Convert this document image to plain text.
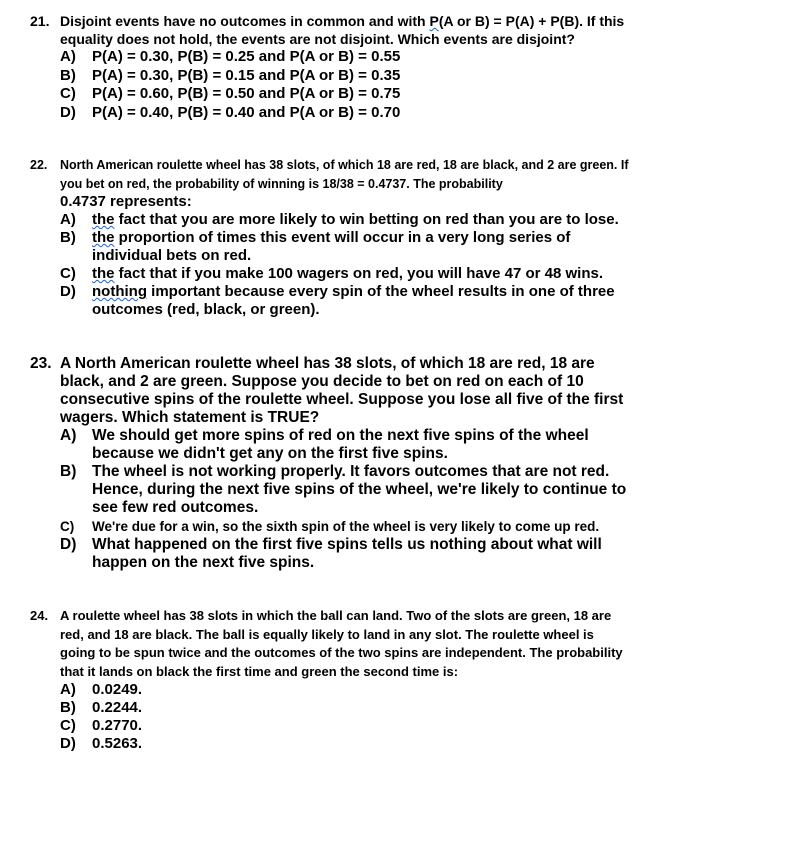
21. Disjoint events have no outcomes in common and with P(A or B) = P(A) + P(B). If this equality does not hold, the events are not disjoint. Which events are disjoint?
A)	P(A) = 0.30, P(B) = 0.25 and P(A or B) = 0.55
B)	P(A) = 0.30, P(B) = 0.15 and P(A or B) = 0.35
C)	P(A) = 0.60, P(B) = 0.50 and P(A or B) = 0.75
D)	P(A) = 0.40, P(B) = 0.40 and P(A or B) = 0.70
22.	North American roulette wheel has 38 slots, of which 18 are red, 18 are black, and 2 are green. If you bet on red, the probability of winning is 18/38 = 0.4737. The probability
0.4737 represents:
A)	the fact that you are more likely to win betting on red than you are to lose.
B)	the proportion of times this event will occur in a very long series of individual bets on red.
C)	the fact that if you make 100 wagers on red, you will have 47 or 48 wins.
D)	nothing important because every spin of the wheel results in one of three outcomes (red, black, or green).
23. A North American roulette wheel has 38 slots, of which 18 are red, 18 are black, and 2 are green. Suppose you decide to bet on red on each of 10 consecutive spins of the roulette wheel. Suppose you lose all five of the first wagers. Which statement is TRUE?
A)	We should get more spins of red on the next five spins of the wheel because we didn't get any on the first five spins.
B)	The wheel is not working properly. It favors outcomes that are not red. Hence, during the next five spins of the wheel, we're likely to continue to see few red outcomes.
C)	We're due for a win, so the sixth spin of the wheel is very likely to come up red.
D)	What happened on the first five spins tells us nothing about what will happen on the next five spins.
24. A roulette wheel has 38 slots in which the ball can land. Two of the slots are green, 18 are red, and 18 are black. The ball is equally likely to land in any slot. The roulette wheel is going to be spun twice and the outcomes of the two spins are independent. The probability that it lands on black the first time and green the second time is:
A)	0.0249.
B)	0.2244.
C)	0.2770.
D)	0.5263.
